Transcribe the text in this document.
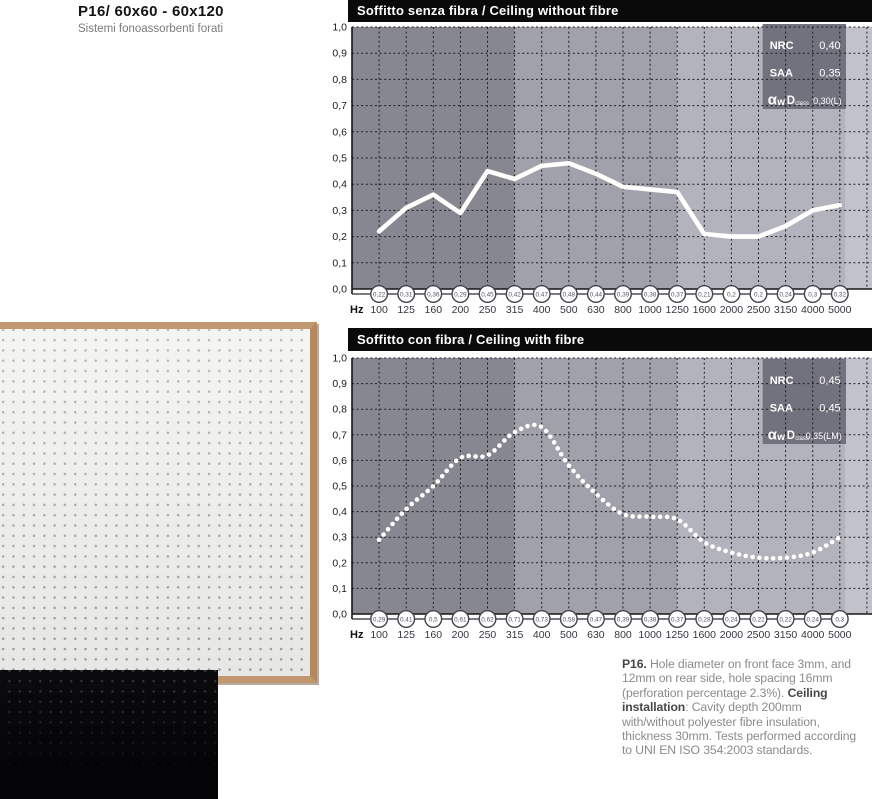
P16/ 60x60 - 60x120
Sistemi fonoassorbenti forati
Soffitto senza fibra / Ceiling without fibre
NRC 0,40
SAA 0,35
α w D class 0,30(L)
1,0
0,9
0,8
0,7
0,6
0,5
0,4
0,3
0,2
0,1
0,0	0,22 0,31 0,36 0,29 0,45 0,42 0,47 0,48 0,44 0,39 0,38 0,37 0,21	0,2	0,2	0,24	0,3	0,32
Hz 100 125 160 200 250 315 400 500 630 800 1000 1250 1600 2000 2500 3150 4000 5000
Soffitto con fibra / Ceiling with fibre
NRC 0,45
SAA 0,45
α w D class
0,35(LM)
1,0
0,9
0,8
0,7
0,6
0,5
0,4
0,3
0,2
0,1
0,0	0,29 0,41	0,5	0,61 0,62 0,71 0,73 0,58 0,47 0,39 0,38 0,37 0,28 0,24 0,22 0,22 0,24	0,3
Hz 100 125 160 200 250 315 400 500 630 800 1000 1250 1600 2000 2500 3150 4000 5000
P16. Hole diameter on front face 3mm, and 12mm on rear side, hole spacing 16mm (perforation percentage 2.3%). Ceiling installation: Cavity depth 200mm with/without polyester fibre insulation, thickness 30mm. Tests performed according to UNI EN ISO 354:2003 standards.
